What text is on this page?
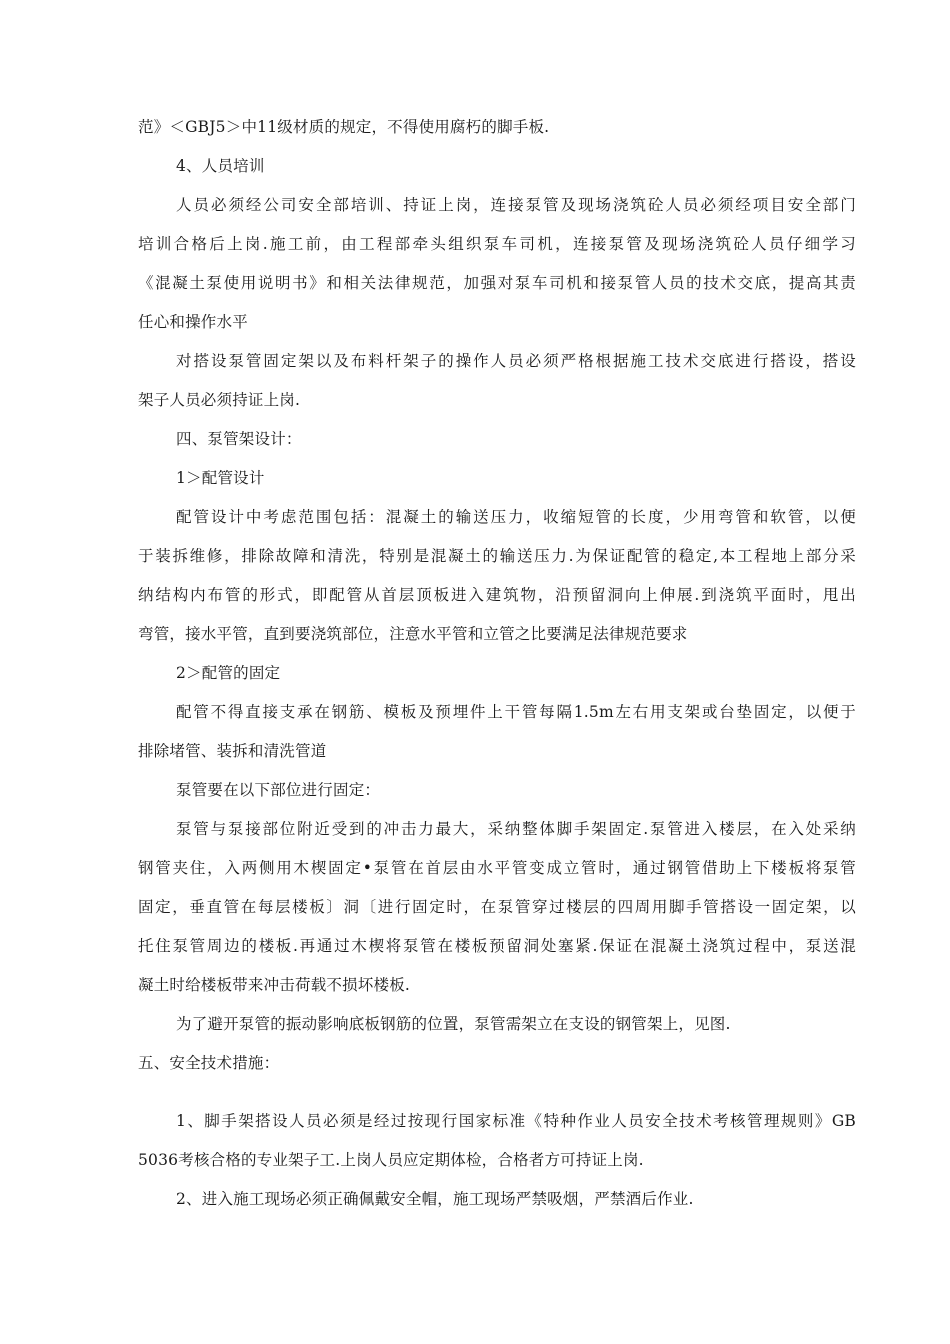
范》＜GBJ5＞中11级材质的规定，不得使用腐朽的脚手板.
4、人员培训
人员必须经公司安全部培训、持证上岗，连接泵管及现场浇筑砼人员必须经项目安全部门
培训合格后上岗.施工前，由工程部牵头组织泵车司机，连接泵管及现场浇筑砼人员仔细学习
《混凝土泵使用说明书》和相关法律规范，加强对泵车司机和接泵管人员的技术交底，提高其责
任心和操作水平
对搭设泵管固定架以及布料杆架子的操作人员必须严格根据施工技术交底进行搭设，搭设
架子人员必须持证上岗.
四、泵管架设计：
1＞配管设计
配管设计中考虑范围包括：混凝土的输送压力，收缩短管的长度，少用弯管和软管，以便
于装拆维修，排除故障和清洗，特别是混凝土的输送压力.为保证配管的稳定,本工程地上部分采
纳结构内布管的形式，即配管从首层顶板进入建筑物，沿预留洞向上伸展.到浇筑平面时，甩出
弯管，接水平管，直到要浇筑部位，注意水平管和立管之比要满足法律规范要求
2＞配管的固定
配管不得直接支承在钢筋、模板及预埋件上干管每隔1.5m左右用支架或台垫固定，以便于
排除堵管、装拆和清洗管道
泵管要在以下部位进行固定：
泵管与泵接部位附近受到的冲击力最大，采纳整体脚手架固定.泵管进入楼层，在入处采纳
钢管夹住，入两侧用木楔固定•泵管在首层由水平管变成立管时，通过钢管借助上下楼板将泵管
固定，垂直管在每层楼板〕洞〔进行固定时，在泵管穿过楼层的四周用脚手管搭设一固定架，以
托住泵管周边的楼板.再通过木楔将泵管在楼板预留洞处塞紧.保证在混凝土浇筑过程中，泵送混
凝土时给楼板带来冲击荷载不损坏楼板.
为了避开泵管的振动影响底板钢筋的位置，泵管需架立在支设的钢管架上，见图.
五、安全技术措施：
1、脚手架搭设人员必须是经过按现行国家标准《特种作业人员安全技术考核管理规则》GB
5036考核合格的专业架子工.上岗人员应定期体检，合格者方可持证上岗.
2、进入施工现场必须正确佩戴安全帽，施工现场严禁吸烟，严禁酒后作业.
